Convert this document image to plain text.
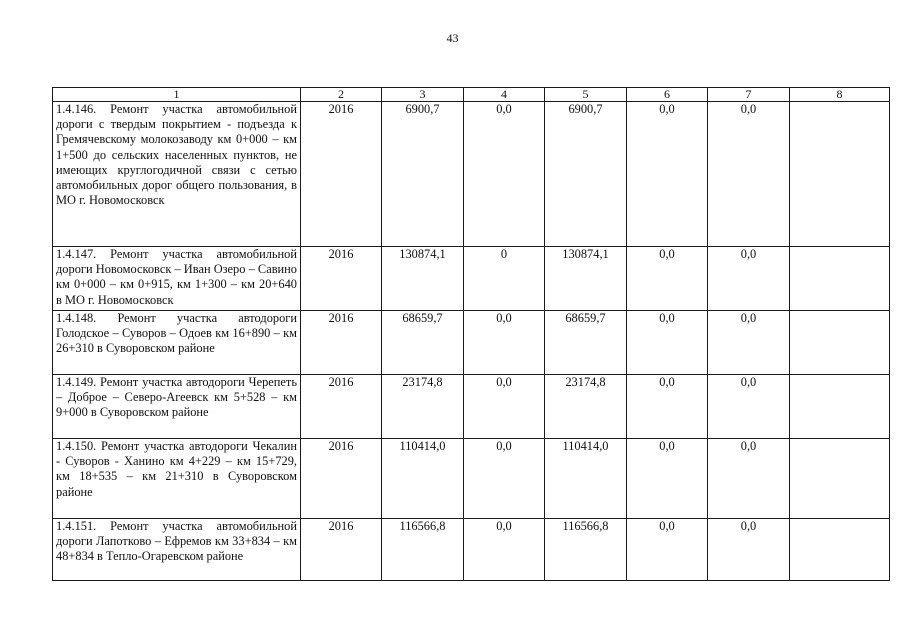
43
1	2	3	4	5	6	7	8
1.4.146. Ремонт участка автомобильной дороги с твердым покрытием - подъезда к Гремячевскому молокозаводу км 0+000 – км 1+500 до сельских населенных пунктов, не имеющих круглогодичной связи с сетью автомобильных дорог общего пользования, в МО г. Новомосковск	2016	6900,7	0,0	6900,7	0,0	0,0	
1.4.147. Ремонт участка автомобильной дороги Новомосковск – Иван Озеро – Савино км 0+000 – км 0+915, км 1+300 – км 20+640 в МО г. Новомосковск	2016	130874,1	0	130874,1	0,0	0,0	
1.4.148. Ремонт участка автодороги Голодское – Суворов – Одоев км 16+890 – км 26+310 в Суворовском районе	2016	68659,7	0,0	68659,7	0,0	0,0	
1.4.149. Ремонт участка автодороги Черепеть – Доброе – Северо-Агеевск км 5+528 – км 9+000 в Суворовском районе	2016	23174,8	0,0	23174,8	0,0	0,0	
1.4.150. Ремонт участка автодороги Чекалин - Суворов - Ханино км 4+229 – км 15+729, км 18+535 – км 21+310 в Суворовском районе	2016	110414,0	0,0	110414,0	0,0	0,0	
1.4.151. Ремонт участка автомобильной дороги Лапотково – Ефремов км 33+834 – км 48+834 в Тепло-Огаревском районе	2016	116566,8	0,0	116566,8	0,0	0,0	
